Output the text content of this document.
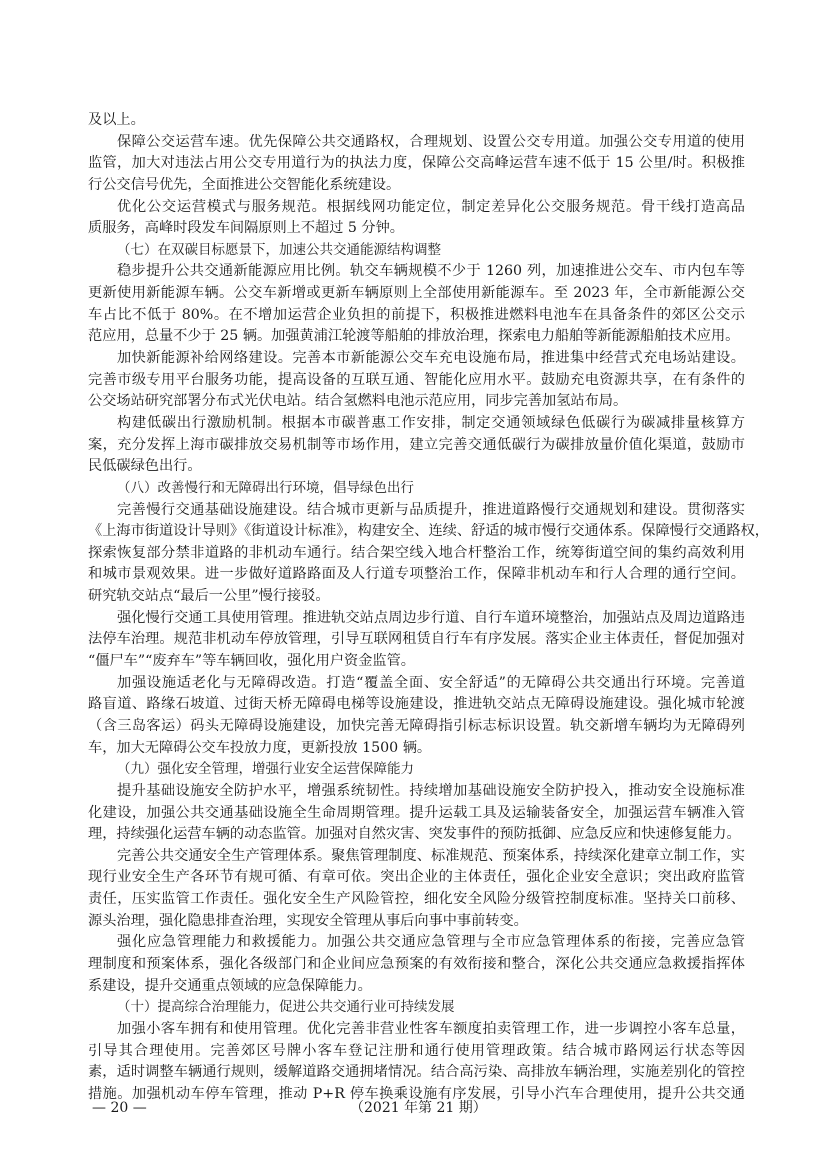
及以上。
保障公交运营车速。优先保障公共交通路权，合理规划、设置公交专用道。加强公交专用道的使用
监管，加大对违法占用公交专用道行为的执法力度，保障公交高峰运营车速不低于 15 公里/时。积极推
行公交信号优先，全面推进公交智能化系统建设。
优化公交运营模式与服务规范。根据线网功能定位，制定差异化公交服务规范。骨干线打造高品
质服务，高峰时段发车间隔原则上不超过 5 分钟。
（七）在双碳目标愿景下，加速公共交通能源结构调整
稳步提升公共交通新能源应用比例。轨交车辆规模不少于 1260 列，加速推进公交车、市内包车等
更新使用新能源车辆。公交车新增或更新车辆原则上全部使用新能源车。至 2023 年，全市新能源公交
车占比不低于 80%。在不增加运营企业负担的前提下，积极推进燃料电池车在具备条件的郊区公交示
范应用，总量不少于 25 辆。加强黄浦江轮渡等船舶的排放治理，探索电力船舶等新能源船舶技术应用。
加快新能源补给网络建设。完善本市新能源公交车充电设施布局，推进集中经营式充电场站建设。
完善市级专用平台服务功能，提高设备的互联互通、智能化应用水平。鼓励充电资源共享，在有条件的
公交场站研究部署分布式光伏电站。结合氢燃料电池示范应用，同步完善加氢站布局。
构建低碳出行激励机制。根据本市碳普惠工作安排，制定交通领域绿色低碳行为碳减排量核算方
案，充分发挥上海市碳排放交易机制等市场作用，建立完善交通低碳行为碳排放量价值化渠道，鼓励市
民低碳绿色出行。
（八）改善慢行和无障碍出行环境，倡导绿色出行
完善慢行交通基础设施建设。结合城市更新与品质提升，推进道路慢行交通规划和建设。贯彻落实
《上海市街道设计导则》《街道设计标准》，构建安全、连续、舒适的城市慢行交通体系。保障慢行交通路权，
探索恢复部分禁非道路的非机动车通行。结合架空线入地合杆整治工作，统筹街道空间的集约高效利用
和城市景观效果。进一步做好道路路面及人行道专项整治工作，保障非机动车和行人合理的通行空间。
研究轨交站点“最后一公里”慢行接驳。
强化慢行交通工具使用管理。推进轨交站点周边步行道、自行车道环境整治，加强站点及周边道路违
法停车治理。规范非机动车停放管理，引导互联网租赁自行车有序发展。落实企业主体责任，督促加强对
“僵尸车”“废弃车”等车辆回收，强化用户资金监管。
加强设施适老化与无障碍改造。打造“覆盖全面、安全舒适”的无障碍公共交通出行环境。完善道
路盲道、路缘石坡道、过街天桥无障碍电梯等设施建设，推进轨交站点无障碍设施建设。强化城市轮渡
（含三岛客运）码头无障碍设施建设，加快完善无障碍指引标志标识设置。轨交新增车辆均为无障碍列
车，加大无障碍公交车投放力度，更新投放 1500 辆。
（九）强化安全管理，增强行业安全运营保障能力
提升基础设施安全防护水平，增强系统韧性。持续增加基础设施安全防护投入，推动安全设施标准
化建设，加强公共交通基础设施全生命周期管理。提升运载工具及运输装备安全，加强运营车辆准入管
理，持续强化运营车辆的动态监管。加强对自然灾害、突发事件的预防抵御、应急反应和快速修复能力。
完善公共交通安全生产管理体系。聚焦管理制度、标准规范、预案体系，持续深化建章立制工作，实
现行业安全生产各环节有规可循、有章可依。突出企业的主体责任，强化企业安全意识；突出政府监管
责任，压实监管工作责任。强化安全生产风险管控，细化安全风险分级管控制度标准。坚持关口前移、
源头治理，强化隐患排查治理，实现安全管理从事后向事中事前转变。
强化应急管理能力和救援能力。加强公共交通应急管理与全市应急管理体系的衔接，完善应急管
理制度和预案体系，强化各级部门和企业间应急预案的有效衔接和整合，深化公共交通应急救援指挥体
系建设，提升交通重点领域的应急保障能力。
（十）提高综合治理能力，促进公共交通行业可持续发展
加强小客车拥有和使用管理。优化完善非营业性客车额度拍卖管理工作，进一步调控小客车总量，
引导其合理使用。完善郊区号牌小客车登记注册和通行使用管理政策。结合城市路网运行状态等因
素，适时调整车辆通行规则，缓解道路交通拥堵情况。结合高污染、高排放车辆治理，实施差别化的管控
措施。加强机动车停车管理，推动 P+R 停车换乘设施有序发展，引导小汽车合理使用，提升公共交通
— 20 —	（2021 年第 21 期）
